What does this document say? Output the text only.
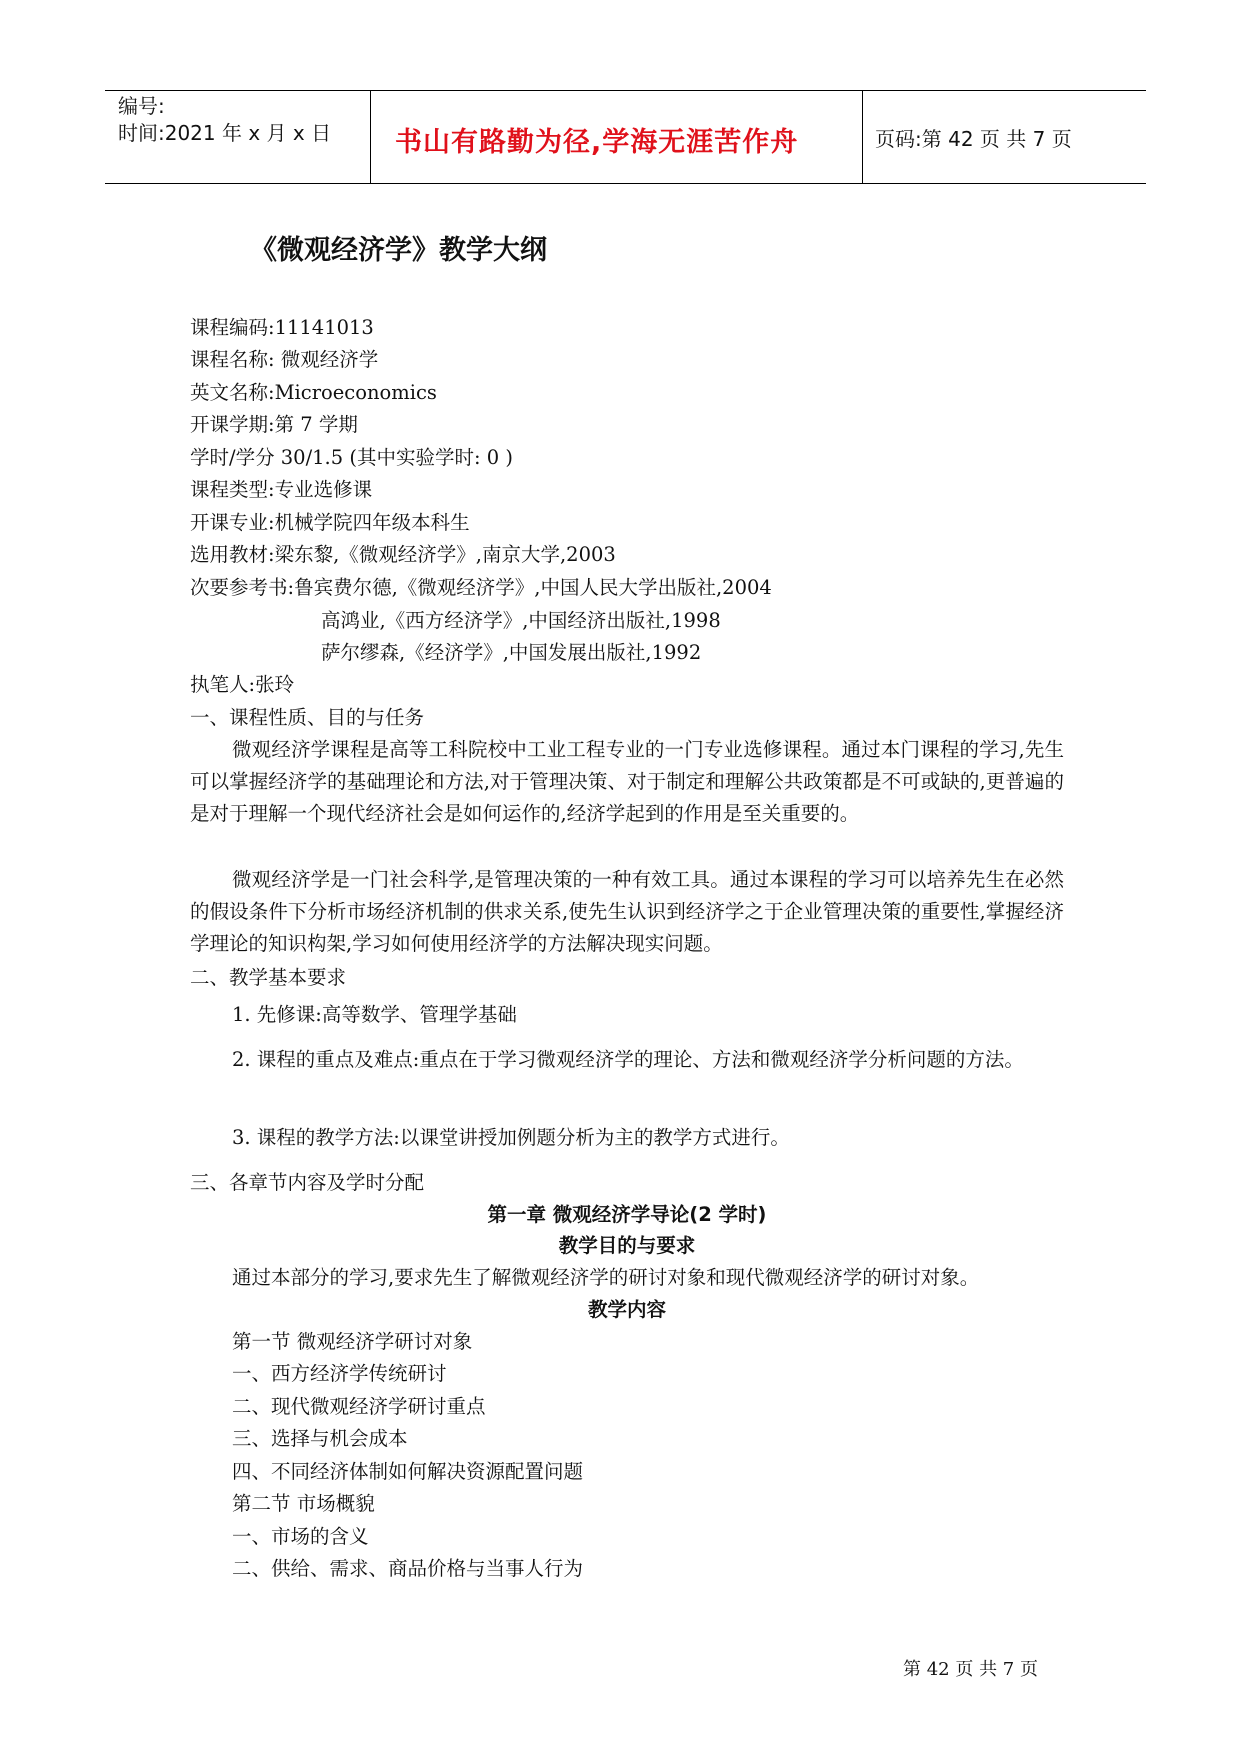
编号:
时间:2021 年 x 月 x 日 书山有路勤为径,学海无涯苦作舟	页码:第 42 页 共 7 页
《微观经济学》教学大纲
课程编码:11141013
课程名称: 微观经济学
英文名称:Microeconomics
开课学期:第 7 学期
学时/学分 30/1.5 (其中实验学时: 0 )
课程类型:专业选修课
开课专业:机械学院四年级本科生
选用教材:梁东黎,《微观经济学》,南京大学,2003
次要参考书:鲁宾费尔德,《微观经济学》,中国人民大学出版社,2004
高鸿业,《西方经济学》,中国经济出版社,1998
萨尔缪森,《经济学》,中国发展出版社,1992
执笔人:张玲
一、课程性质、目的与任务
微观经济学课程是高等工科院校中工业工程专业的一门专业选修课程。通过本门课程的学习,先生可以掌握经济学的基础理论和方法,对于管理决策、对于制定和理解公共政策都是不可或缺的,更普遍的是对于理解一个现代经济社会是如何运作的,经济学起到的作用是至关重要的。
微观经济学是一门社会科学,是管理决策的一种有效工具。通过本课程的学习可以培养先生在必然的假设条件下分析市场经济机制的供求关系,使先生认识到经济学之于企业管理决策的重要性,掌握经济学理论的知识构架,学习如何使用经济学的方法解决现实问题。
二、教学基本要求
1. 先修课:高等数学、管理学基础
2. 课程的重点及难点:重点在于学习微观经济学的理论、方法和微观经济学分析问题的方法。
3. 课程的教学方法:以课堂讲授加例题分析为主的教学方式进行。
三、各章节内容及学时分配
第一章 微观经济学导论(2 学时)
教学目的与要求
通过本部分的学习,要求先生了解微观经济学的研讨对象和现代微观经济学的研讨对象。
教学内容
第一节 微观经济学研讨对象
一、西方经济学传统研讨
二、现代微观经济学研讨重点
三、选择与机会成本
四、不同经济体制如何解决资源配置问题
第二节 市场概貌
一、市场的含义
二、供给、需求、商品价格与当事人行为
第 42 页 共 7 页
